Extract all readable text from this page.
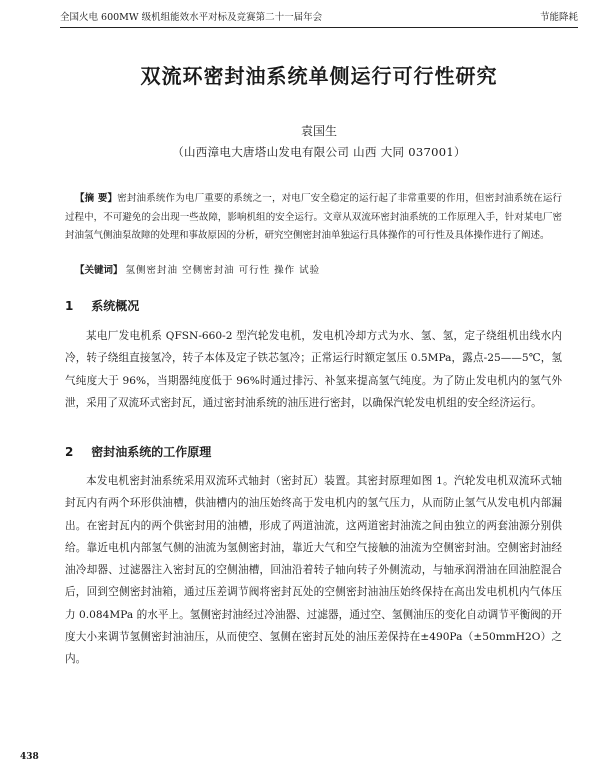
全国火电 600MW 级机组能效水平对标及竞赛第二十一届年会	节能降耗
双流环密封油系统单侧运行可行性研究
袁国生
（山西漳电大唐塔山发电有限公司 山西 大同 037001）
【摘 要】密封油系统作为电厂重要的系统之一，对电厂安全稳定的运行起了非常重要的作用，但密封油系统在运行过程中，不可避免的会出现一些故障，影响机组的安全运行。文章从双流环密封油系统的工作原理入手，针对某电厂密封油氢气侧油泵故障的处理和事故原因的分析，研究空侧密封油单独运行具体操作的可行性及具体操作进行了阐述。
【关键词】 氢侧密封油 空侧密封油 可行性 操作 试验
1 系统概况
某电厂发电机系 QFSN-660-2 型汽轮发电机，发电机冷却方式为水、氢、氢，定子绕组机出线水内冷，转子绕组直接氢冷，转子本体及定子铁芯氢冷；正常运行时额定氢压 0.5MPa，露点-25——5℃，氢气纯度大于 96%，当期器纯度低于 96%时通过排污、补氢来提高氢气纯度。为了防止发电机内的氢气外泄，采用了双流环式密封瓦，通过密封油系统的油压进行密封，以确保汽轮发电机组的安全经济运行。
2 密封油系统的工作原理
本发电机密封油系统采用双流环式轴封（密封瓦）装置。其密封原理如图 1。汽轮发电机双流环式轴封瓦内有两个环形供油槽，供油槽内的油压始终高于发电机内的氢气压力，从而防止氢气从发电机内部漏出。在密封瓦内的两个供密封用的油槽，形成了两道油流，这两道密封油流之间由独立的两套油源分别供给。靠近电机内部氢气侧的油流为氢侧密封油，靠近大气和空气接触的油流为空侧密封油。空侧密封油经油冷却器、过滤器注入密封瓦的空侧油槽，回油沿着转子轴向转子外侧流动，与轴承润滑油在回油腔混合后，回到空侧密封油箱，通过压差调节阀将密封瓦处的空侧密封油油压始终保持在高出发电机机内气体压力 0.084MPa 的水平上。氢侧密封油经过冷油器、过滤器，通过空、氢侧油压的变化自动调节平衡阀的开度大小来调节氢侧密封油油压，从而使空、氢侧在密封瓦处的油压差保持在±490Pa（±50mmH2O）之内。
438
